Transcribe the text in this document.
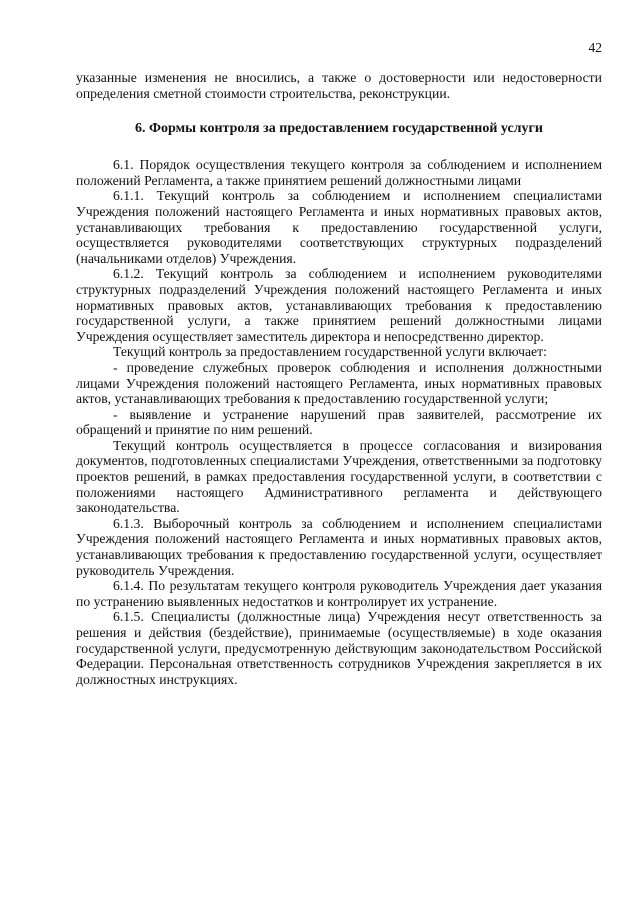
42

указанные изменения не вносились, а также о достоверности или недостоверности определения сметной стоимости строительства, реконструкции.

6. Формы контроля за предоставлением государственной услуги

6.1. Порядок осуществления текущего контроля за соблюдением и исполнением положений Регламента, а также принятием решений должностными лицами

6.1.1. Текущий контроль за соблюдением и исполнением специалистами Учреждения положений настоящего Регламента и иных нормативных правовых актов, устанавливающих требования к предоставлению государственной услуги, осуществляется руководителями соответствующих структурных подразделений (начальниками отделов) Учреждения.

6.1.2. Текущий контроль за соблюдением и исполнением руководителями структурных подразделений Учреждения положений настоящего Регламента и иных нормативных правовых актов, устанавливающих требования к предоставлению государственной услуги, а также принятием решений должностными лицами Учреждения осуществляет заместитель директора и непосредственно директор.

Текущий контроль за предоставлением государственной услуги включает:

- проведение служебных проверок соблюдения и исполнения должностными лицами Учреждения положений настоящего Регламента, иных нормативных правовых актов, устанавливающих требования к предоставлению государственной услуги;

- выявление и устранение нарушений прав заявителей, рассмотрение их обращений и принятие по ним решений.

Текущий контроль осуществляется в процессе согласования и визирования документов, подготовленных специалистами Учреждения, ответственными за подготовку проектов решений, в рамках предоставления государственной услуги, в соответствии с положениями настоящего Административного регламента и действующего законодательства.

6.1.3. Выборочный контроль за соблюдением и исполнением специалистами Учреждения положений настоящего Регламента и иных нормативных правовых актов, устанавливающих требования к предоставлению государственной услуги, осуществляет руководитель Учреждения.

6.1.4. По результатам текущего контроля руководитель Учреждения дает указания по устранению выявленных недостатков и контролирует их устранение.

6.1.5. Специалисты (должностные лица) Учреждения несут ответственность за решения и действия (бездействие), принимаемые (осуществляемые) в ходе оказания государственной услуги, предусмотренную действующим законодательством Российской Федерации. Персональная ответственность сотрудников Учреждения закрепляется в их должностных инструкциях.
